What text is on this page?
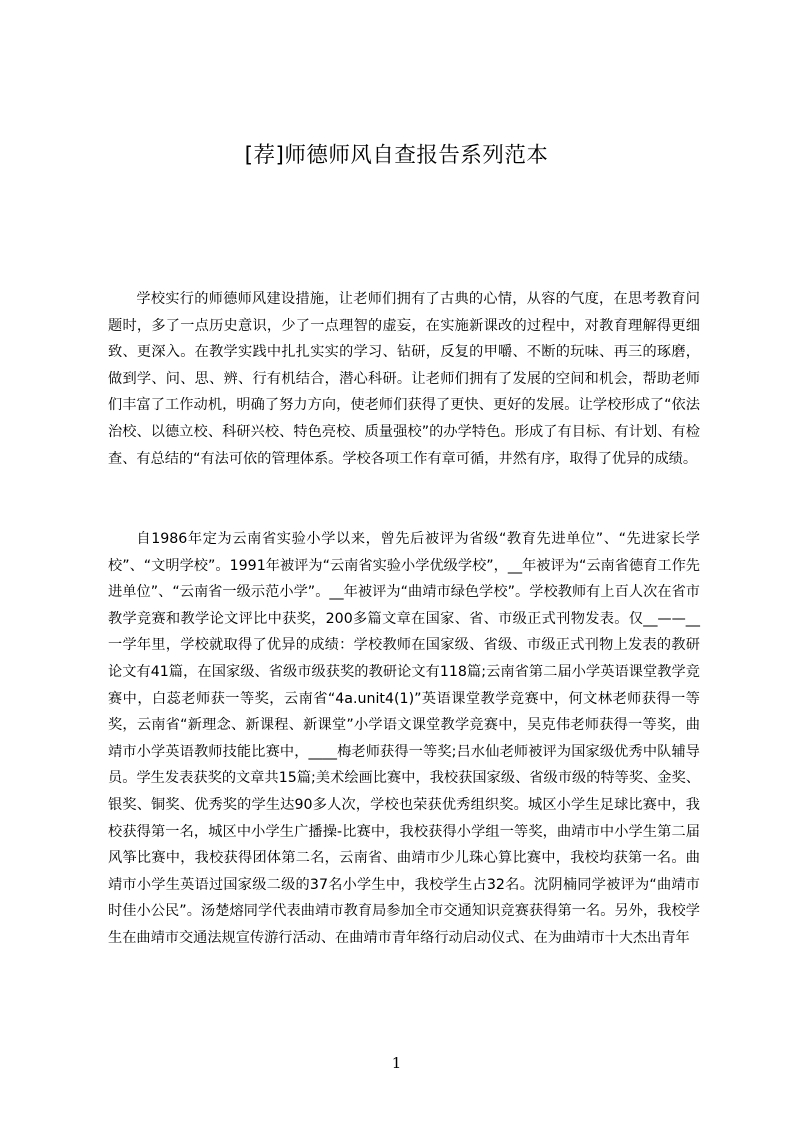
[荐]师德师风自查报告系列范本

学校实行的师德师风建设措施，让老师们拥有了古典的心情，从容的气度，在思考教育问题时，多了一点历史意识，少了一点理智的虚妄，在实施新课改的过程中，对教育理解得更细致、更深入。在教学实践中扎扎实实的学习、钻研，反复的甲嚼、不断的玩味、再三的琢磨，做到学、问、思、辨、行有机结合，潜心科研。让老师们拥有了发展的空间和机会，帮助老师们丰富了工作动机，明确了努力方向，使老师们获得了更快、更好的发展。让学校形成了“依法治校、以德立校、科研兴校、特色亮校、质量强校”的办学特色。形成了有目标、有计划、有检查、有总结的“有法可依的管理体系。学校各项工作有章可循，井然有序，取得了优异的成绩。

自1986年定为云南省实验小学以来，曾先后被评为省级“教育先进单位”、“先进家长学校”、“文明学校”。1991年被评为“云南省实验小学优级学校”，__年被评为“云南省德育工作先进单位”、“云南省一级示范小学”。__年被评为“曲靖市绿色学校”。学校教师有上百人次在省市教学竞赛和教学论文评比中获奖，200多篇文章在国家、省、市级正式刊物发表。仅__——__一学年里，学校就取得了优异的成绩：学校教师在国家级、省级、市级正式刊物上发表的教研论文有41篇，在国家级、省级市级获奖的教研论文有118篇;云南省第二届小学英语课堂教学竞赛中，白蕊老师获一等奖，云南省“4a.unit4(1)”英语课堂教学竞赛中，何文林老师获得一等奖，云南省“新理念、新课程、新课堂”小学语文课堂教学竞赛中，吴克伟老师获得一等奖，曲靖市小学英语教师技能比赛中，____梅老师获得一等奖;吕水仙老师被评为国家级优秀中队辅导员。学生发表获奖的文章共15篇;美术绘画比赛中，我校获国家级、省级市级的特等奖、金奖、银奖、铜奖、优秀奖的学生达90多人次，学校也荣获优秀组织奖。城区小学生足球比赛中，我校获得第一名，城区中小学生广播操-比赛中，我校获得小学组一等奖，曲靖市中小学生第二届风筝比赛中，我校获得团体第二名，云南省、曲靖市少儿珠心算比赛中，我校均获第一名。曲靖市小学生英语过国家级二级的37名小学生中，我校学生占32名。沈阴楠同学被评为“曲靖市时佳小公民”。汤楚熔同学代表曲靖市教育局参加全市交通知识竞赛获得第一名。另外，我校学生在曲靖市交通法规宣传游行活动、在曲靖市青年络行动启动仪式、在为曲靖市十大杰出青年

1
